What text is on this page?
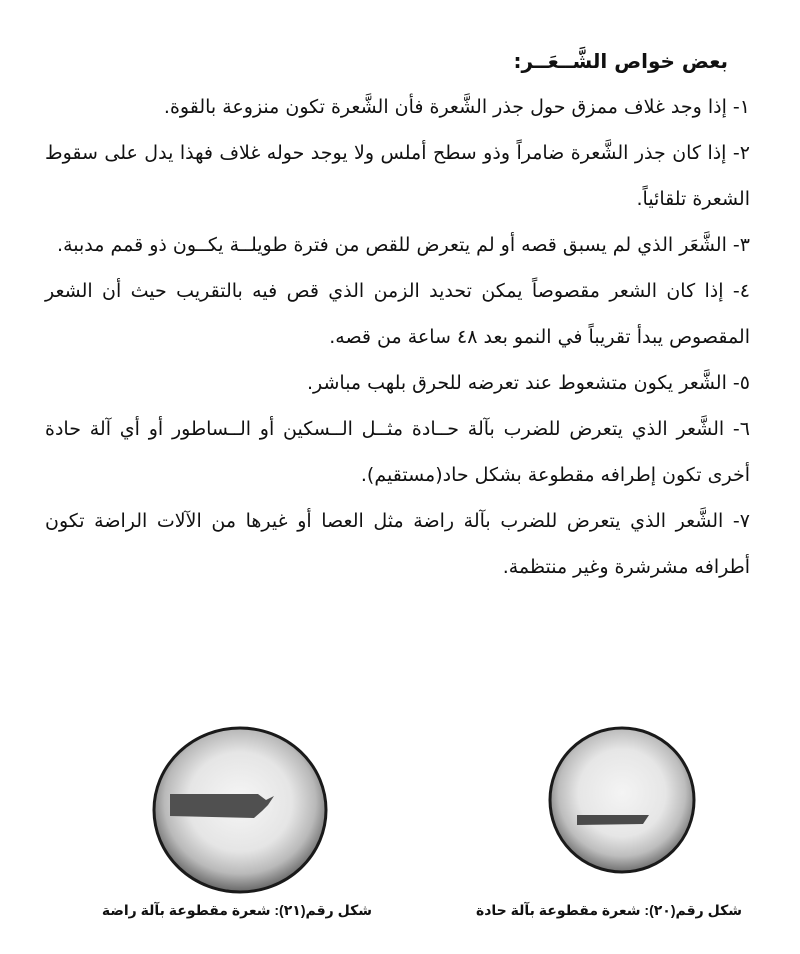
بعض خواص الشَّــعَــر:

١- إذا وجد غلاف ممزق حول جذر الشَّعرة فأن الشَّعرة تكون منزوعة بالقوة.

٢- إذا كان جذر الشَّعرة ضامراً وذو سطح أملس ولا يوجد حوله غلاف فهذا يدل على سقوط الشعرة تلقائياً.

٣- الشَّعَر الذي لم يسبق قصه أو لم يتعرض للقص من فترة طويلــة يكــون ذو قمم مدببة.

٤- إذا كان الشعر مقصوصاً يمكن تحديد الزمن الذي قص فيه بالتقريب حيث أن الشعر المقصوص يبدأ تقريباً في النمو بعد ٤٨ ساعة من قصه.

٥- الشَّعر يكون متشعوط عند تعرضه للحرق بلهب مباشر.

٦- الشَّعر الذي يتعرض للضرب بآلة حــادة مثــل الــسكين أو الــساطور أو أي آلة حادة أخرى تكون إطرافه مقطوعة بشكل حاد(مستقيم).

٧- الشَّعر الذي يتعرض للضرب بآلة راضة مثل العصا أو غيرها من الآلات الراضة تكون أطرافه مشرشرة وغير منتظمة.

شكل رقم(٢٠): شعرة مقطوعة بآلة حادة
شكل رقم(٢١): شعرة مقطوعة بآلة راضة
